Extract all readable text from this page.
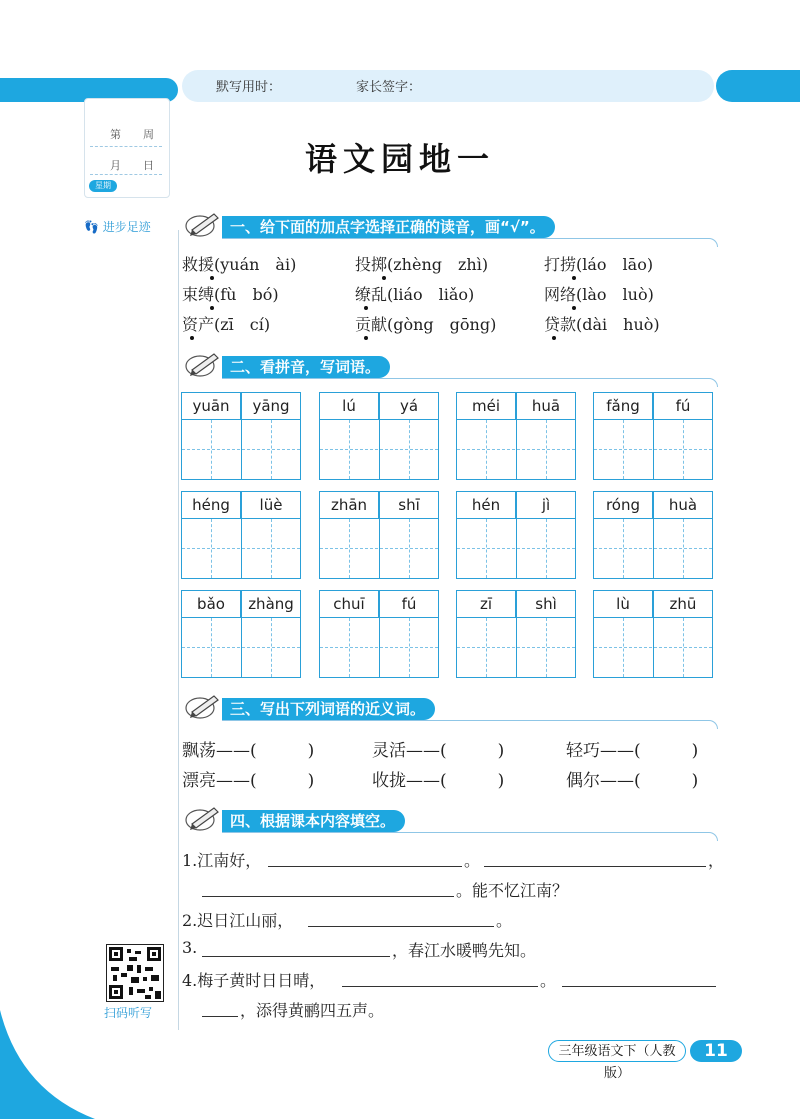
默写用时：	家长签字：
第　　周
月　　日
星期
👣 进步足迹
语文园地一
一、给下面的加点字选择正确的读音，画“√”。
救援(yuán　ài)	投掷(zhèng　zhì)	打捞(láo　lāo)
束缚(fù　bó)	缭乱(liáo　liǎo)	网络(lào　luò)
资产(zī　cí)	贡献(gòng　gōng)	贷款(dài　huò)
二、看拼音，写词语。
yuān	yāng	lú	yá	méi	huā	fǎng	fú
héng	lüè	zhān	shī	hén	jì	róng	huà
bǎo	zhàng	chuī	fú	zī	shì	lù	zhū
三、写出下列词语的近义词。
飘荡——(　　　)	灵活——(　　　)	轻巧——(　　　)
漂亮——(　　　)	收拢——(　　　)	偶尔——(　　　)
四、根据课本内容填空。
1.江南好，	。	，
。能不忆江南？
2.迟日江山丽，	。
3.	，春江水暖鸭先知。
4.梅子黄时日日晴，	。
，添得黄鹂四五声。
扫码听写
三年级语文下（人教版）
11
